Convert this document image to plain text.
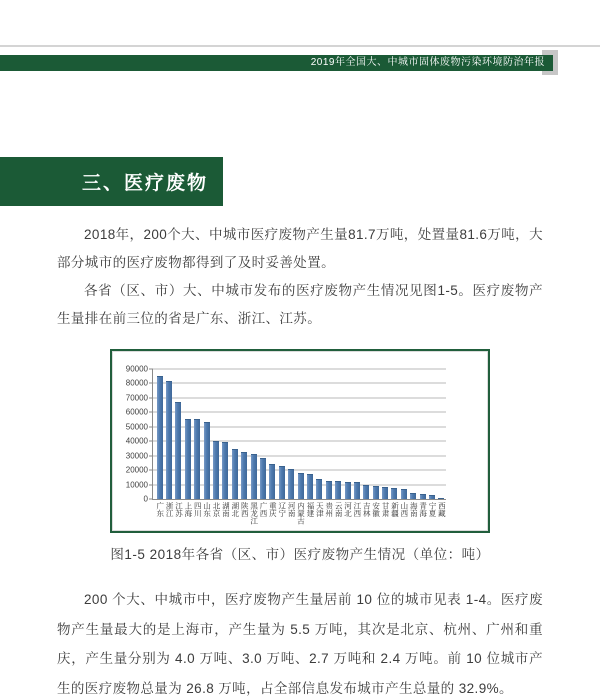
2019年全国大、中城市固体废物污染环境防治年报
三、医疗废物

2018年，200个大、中城市医疗废物产生量81.7万吨，处置量81.6万吨，大部分城市的医疗废物都得到了及时妥善处置。

各省（区、市）大、中城市发布的医疗废物产生情况见图1-5。医疗废物产生量排在前三位的省是广东、浙江、江苏。

0
10000
20000
30000
40000
50000
60000
70000
80000
90000
广东 浙江 江苏 上海 四川 山东 北京 湖南 湖北 陕西 黑龙江 广西 重庆 辽宁 河南 内蒙古 福建 天津 贵州 云南 河北 江西 吉林 安徽 甘肃 新疆 山西 海南 青海 宁夏 西藏
图1-5 2018年各省（区、市）医疗废物产生情况（单位：吨）

200 个大、中城市中，医疗废物产生量居前 10 位的城市见表 1-4。医疗废物产生量最大的是上海市，产生量为 5.5 万吨，其次是北京、杭州、广州和重庆，产生量分别为 4.0 万吨、3.0 万吨、2.7 万吨和 2.4 万吨。前 10 位城市产生的医疗废物总量为 26.8 万吨，占全部信息发布城市产生总量的 32.9%。
